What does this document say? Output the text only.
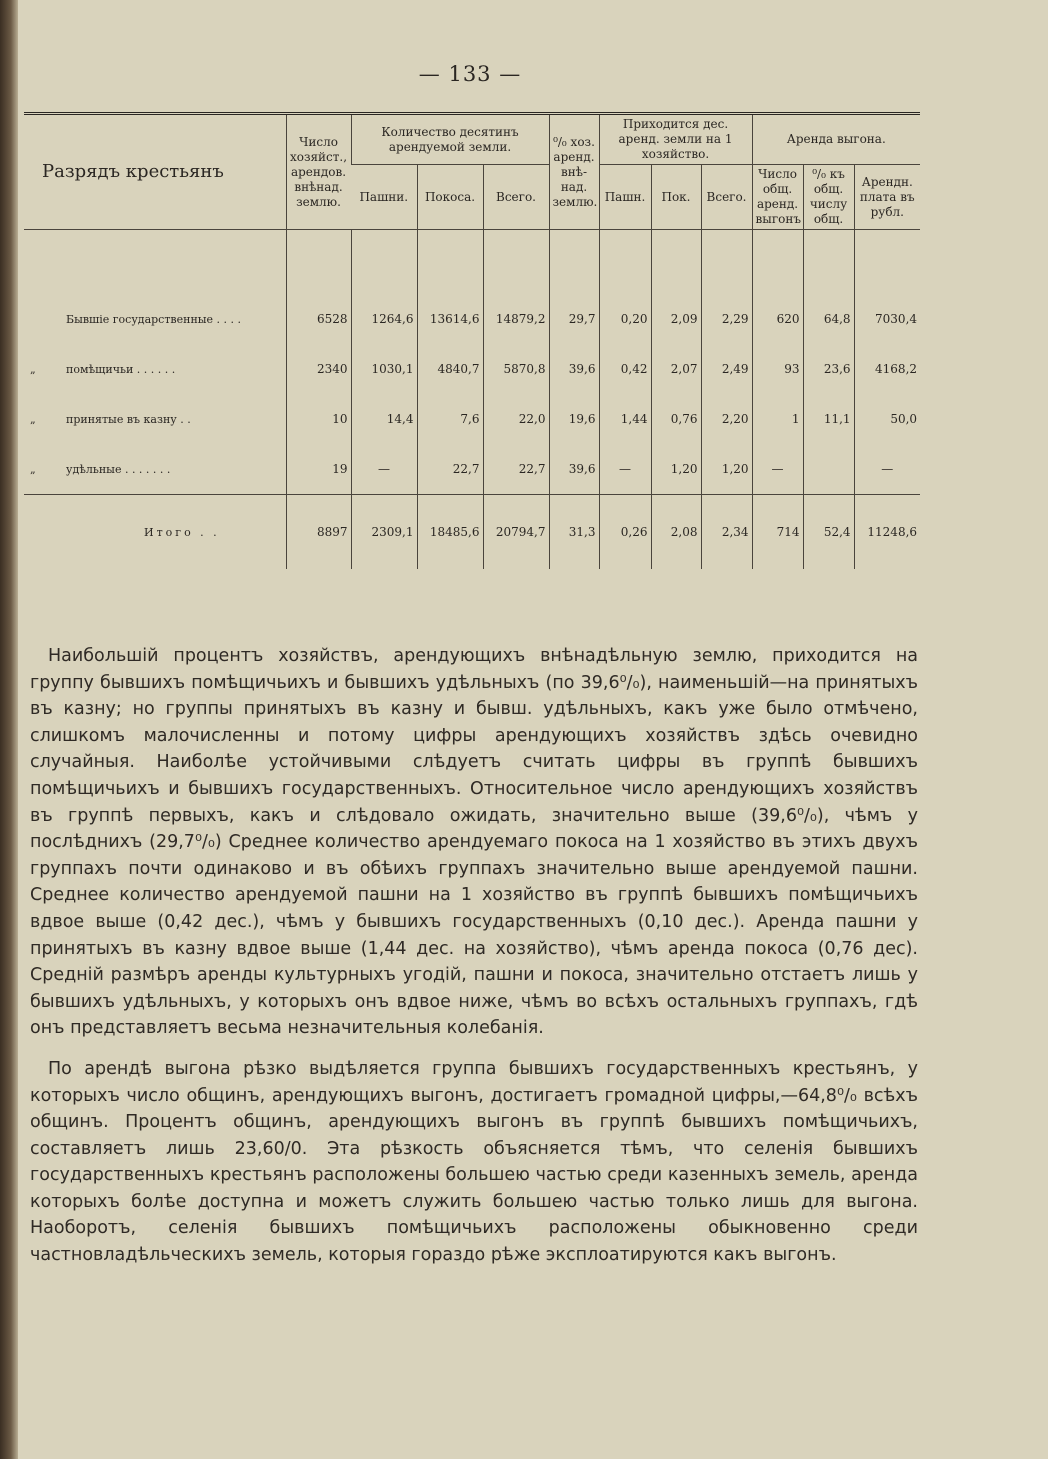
— 133 —
Разрядъ крестьянъ	Число хозяйст., арендов. внѣнад. землю.	Количество десятинъ арендуемой земли.			⁰/₀ хоз. аренд. внѣ-над. землю.	Приходится дес. аренд. земли на 1 хозяйство.			Аренда выгона.		
		Пашни.	Покоса.	Всего.		Пашн.	Пок.	Всего.	Число общ. аренд. выгонъ	⁰/₀ къ общ. числу общ.	Арендн. плата въ рубл.

Бывшіе государственные . . . .	6528	1264,6	13614,6	14879,2	29,7	0,20	2,09	2,29	620	64,8	7030,4
„ помѣщичьи . . . . . .	2340	1030,1	4840,7	5870,8	39,6	0,42	2,07	2,49	93	23,6	4168,2
„ принятые въ казну . .	10	14,4	7,6	22,0	19,6	1,44	0,76	2,20	1	11,1	50,0
„ удѣльные . . . . . . .	19	—	22,7	22,7	39,6	—	1,20	1,20	—		—
Итого . .	8897	2309,1	18485,6	20794,7	31,3	0,26	2,08	2,34	714	52,4	11248,6

Наибольшій процентъ хозяйствъ, арендующихъ внѣнадѣльную землю, приходится на группу бывшихъ помѣщичьихъ и бывшихъ удѣльныхъ (по 39,6⁰/₀), наименьшій—на принятыхъ въ казну; но группы принятыхъ въ казну и бывш. удѣльныхъ, какъ уже было отмѣчено, слишкомъ малочисленны и потому цифры арендующихъ хозяйствъ здѣсь очевидно случайныя. Наиболѣе устойчивыми слѣдуетъ считать цифры въ группѣ бывшихъ помѣщичьихъ и бывшихъ государственныхъ. Относительное число арендующихъ хозяйствъ въ группѣ первыхъ, какъ и слѣдовало ожидать, значительно выше (39,6⁰/₀), чѣмъ у послѣднихъ (29,7⁰/₀) Среднее количество арендуемаго покоса на 1 хозяйство въ этихъ двухъ группахъ почти одинаково и въ обѣихъ группахъ значительно выше арендуемой пашни. Среднее количество арендуемой пашни на 1 хозяйство въ группѣ бывшихъ помѣщичьихъ вдвое выше (0,42 дес.), чѣмъ у бывшихъ государственныхъ (0,10 дес.). Аренда пашни у принятыхъ въ казну вдвое выше (1,44 дес. на хозяйство), чѣмъ аренда покоса (0,76 дес). Средній размѣръ аренды культурныхъ угодій, пашни и покоса, значительно отстаетъ лишь у бывшихъ удѣльныхъ, у которыхъ онъ вдвое ниже, чѣмъ во всѣхъ остальныхъ группахъ, гдѣ онъ представляетъ весьма незначительныя колебанія.

По арендѣ выгона рѣзко выдѣляется группа бывшихъ государственныхъ крестьянъ, у которыхъ число общинъ, арендующихъ выгонъ, достигаетъ громадной цифры,—64,8⁰/₀ всѣхъ общинъ. Процентъ общинъ, арендующихъ выгонъ въ группѣ бывшихъ помѣщичьихъ, составляетъ лишь 23,60/0. Эта рѣзкость объясняется тѣмъ, что селенія бывшихъ государственныхъ крестьянъ расположены большею частью среди казенныхъ земель, аренда которыхъ болѣе доступна и можетъ служить большею частью только лишь для выгона. Наоборотъ, селенія бывшихъ помѣщичьихъ расположены обыкновенно среди частновладѣльческихъ земель, которыя гораздо рѣже эксплоатируются какъ выгонъ.
